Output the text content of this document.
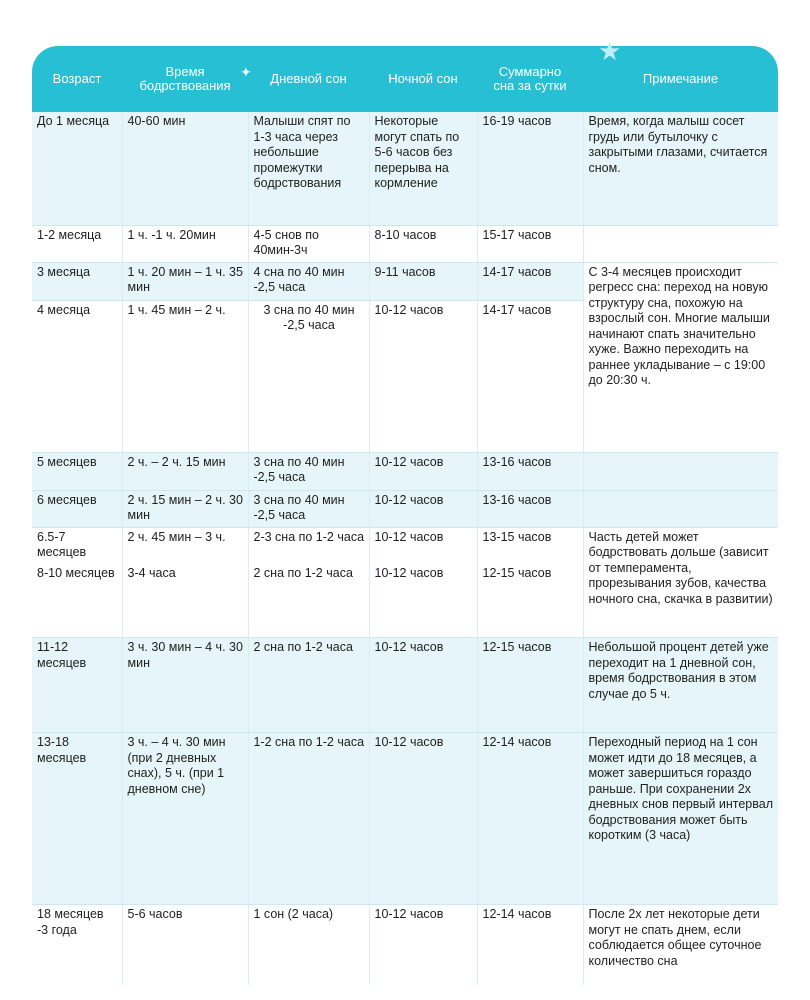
✦
★
Возраст	Время
бодрствования	Дневной сон	Ночной сон	Суммарно
сна за сутки	Примечание
До 1 месяца	40-60 мин	Малыши спят по 1-3 часа через небольшие промежутки бодрствования	Некоторые могут спать по 5-6 часов без перерыва на кормление	16-19 часов	Время, когда малыш сосет грудь или бутылочку с закрытыми глазами, считается сном.
1-2 месяца	1 ч. -1 ч. 20мин	4-5 снов по 40мин-3ч	8-10 часов	15-17 часов	
3 месяца	1 ч. 20 мин – 1 ч. 35 мин	4 сна по 40 мин -2,5 часа	9-11 часов	14-17 часов	С 3-4 месяцев происходит регресс сна: переход на новую структуру сна, похожую на взрослый сон. Многие малыши начинают спать значительно хуже. Важно переходить на раннее укладывание – с 19:00 до 20:30 ч.
4 месяца	1 ч. 45 мин – 2 ч.	3 сна по 40 мин -2,5 часа	10-12 часов	14-17 часов	
5 месяцев	2 ч. – 2 ч. 15 мин	3 сна по 40 мин -2,5 часа	10-12 часов	13-16 часов	
6 месяцев	2 ч. 15 мин – 2 ч. 30 мин	3 сна по 40 мин -2,5 часа	10-12 часов	13-16 часов	
6.5-7 месяцев	2 ч. 45 мин – 3 ч.	2-3 сна по 1-2 часа	10-12 часов	13-15 часов	Часть детей может бодрствовать дольше (зависит от темперамента, прорезывания зубов, качества ночного сна, скачка в развитии)
8-10 месяцев	3-4 часа	2 сна по 1-2 часа	10-12 часов	12-15 часов	
11-12 месяцев	3 ч. 30 мин – 4 ч. 30 мин	2 сна по 1-2 часа	10-12 часов	12-15 часов	Небольшой процент детей уже переходит на 1 дневной сон, время бодрствования в этом случае до 5 ч.
13-18 месяцев	3 ч. – 4 ч. 30 мин (при 2 дневных снах), 5 ч. (при 1 дневном сне)	1-2 сна по 1-2 часа	10-12 часов	12-14 часов	Переходный период на 1 сон может идти до 18 месяцев, а может завершиться гораздо раньше. При сохранении 2х дневных снов первый интервал бодрствования может быть коротким (3 часа)
18 месяцев -3 года	5-6 часов	1 сон (2 часа)	10-12 часов	12-14 часов	После 2х лет некоторые дети могут не спать днем, если соблюдается общее суточное количество сна
